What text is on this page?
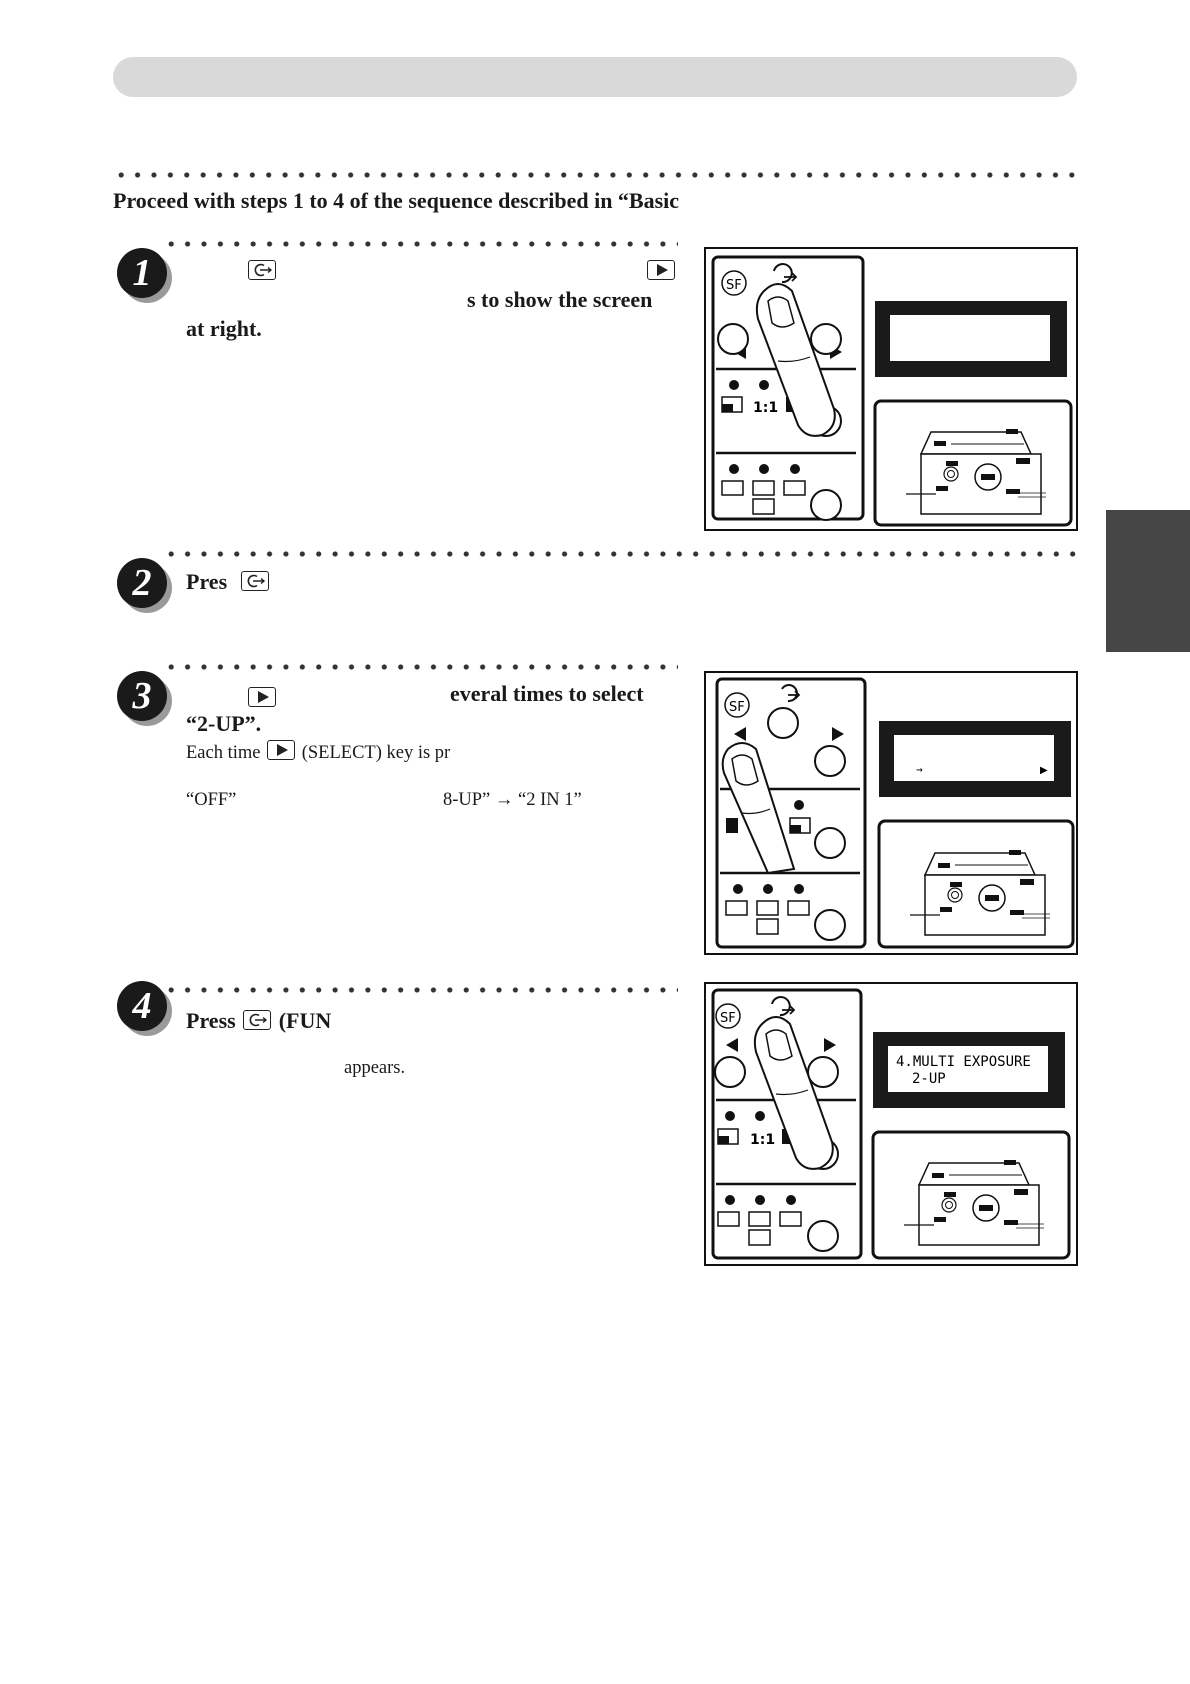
Proceed with steps 1 to 4 of the sequence described in “Basic
1
s to show the screen
at right.
SF
1:1
2	Pres
3	everal times to select
“2-UP”.
Each time (SELECT) key is pr
“OFF”	8-UP” → “2 IN 1”
SF
→	▶
4	Press (FUN
appears.
SF
1:1
4.MULTI EXPOSURE
2-UP
